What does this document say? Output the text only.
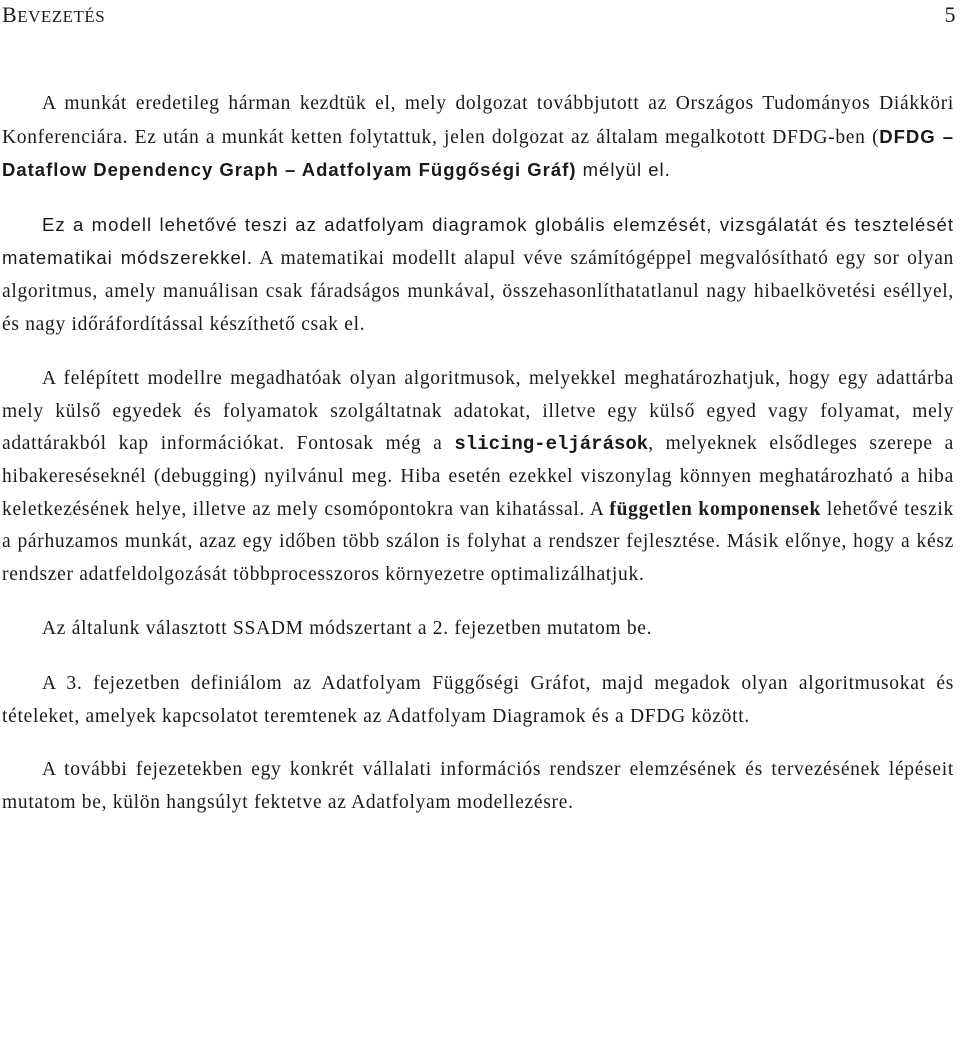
BEVEZETÉS	5

A munkát eredetileg hárman kezdtük el, mely dolgozat továbbjutott az Országos Tudományos Diákköri Konferenciára. Ez után a munkát ketten folytattuk, jelen dolgozat az általam megalkotott DFDG-ben (DFDG – Dataflow Dependency Graph – Adatfolyam Függőségi Gráf) mélyül el.

Ez a modell lehetővé teszi az adatfolyam diagramok globális elemzését, vizsgálatát és tesztelését matematikai módszerekkel. A matematikai modellt alapul véve számítógéppel megvalósítható egy sor olyan algoritmus, amely manuálisan csak fáradságos munkával, összehasonlíthatatlanul nagy hibaelkövetési eséllyel, és nagy időráfordítással készíthető csak el.

A felépített modellre megadhatóak olyan algoritmusok, melyekkel meghatározhatjuk, hogy egy adattárba mely külső egyedek és folyamatok szolgáltatnak adatokat, illetve egy külső egyed vagy folyamat, mely adattárakból kap információkat. Fontosak még a slicing-eljárások, melyeknek elsődleges szerepe a hibakereséseknél (debugging) nyilvánul meg. Hiba esetén ezekkel viszonylag könnyen meghatározható a hiba keletkezésének helye, illetve az mely csomópontokra van kihatással. A független komponensek lehetővé teszik a párhuzamos munkát, azaz egy időben több szálon is folyhat a rendszer fejlesztése. Másik előnye, hogy a kész rendszer adatfeldolgozását többprocesszoros környezetre optimalizálhatjuk.

Az általunk választott SSADM módszertant a 2. fejezetben mutatom be.

A 3. fejezetben definiálom az Adatfolyam Függőségi Gráfot, majd megadok olyan algoritmusokat és tételeket, amelyek kapcsolatot teremtenek az Adatfolyam Diagramok és a DFDG között.

A további fejezetekben egy konkrét vállalati információs rendszer elemzésének és tervezésének lépéseit mutatom be, külön hangsúlyt fektetve az Adatfolyam modellezésre.
